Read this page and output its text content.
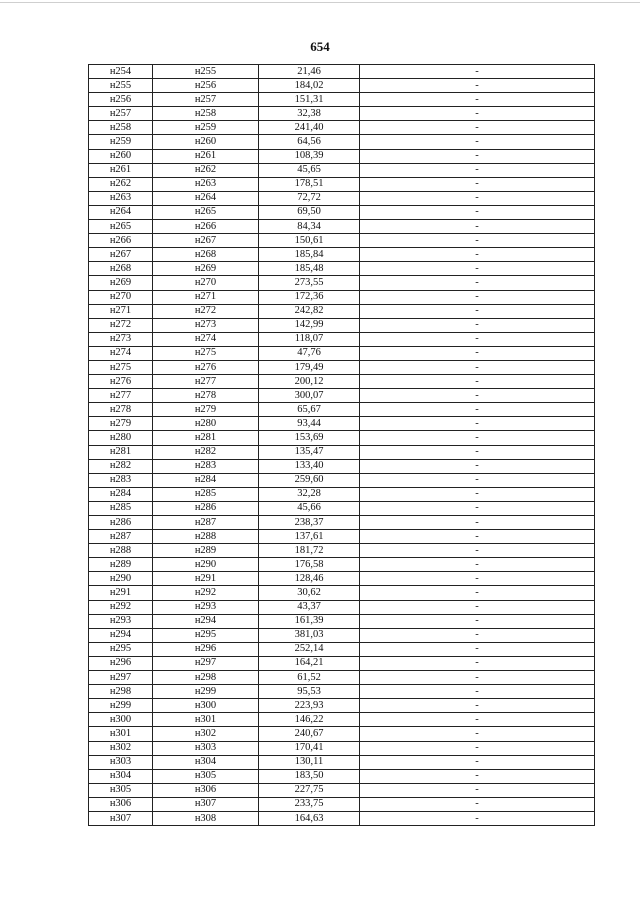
654
н254	н255	21,46	-
н255	н256	184,02	-
н256	н257	151,31	-
н257	н258	32,38	-
н258	н259	241,40	-
н259	н260	64,56	-
н260	н261	108,39	-
н261	н262	45,65	-
н262	н263	178,51	-
н263	н264	72,72	-
н264	н265	69,50	-
н265	н266	84,34	-
н266	н267	150,61	-
н267	н268	185,84	-
н268	н269	185,48	-
н269	н270	273,55	-
н270	н271	172,36	-
н271	н272	242,82	-
н272	н273	142,99	-
н273	н274	118,07	-
н274	н275	47,76	-
н275	н276	179,49	-
н276	н277	200,12	-
н277	н278	300,07	-
н278	н279	65,67	-
н279	н280	93,44	-
н280	н281	153,69	-
н281	н282	135,47	-
н282	н283	133,40	-
н283	н284	259,60	-
н284	н285	32,28	-
н285	н286	45,66	-
н286	н287	238,37	-
н287	н288	137,61	-
н288	н289	181,72	-
н289	н290	176,58	-
н290	н291	128,46	-
н291	н292	30,62	-
н292	н293	43,37	-
н293	н294	161,39	-
н294	н295	381,03	-
н295	н296	252,14	-
н296	н297	164,21	-
н297	н298	61,52	-
н298	н299	95,53	-
н299	н300	223,93	-
н300	н301	146,22	-
н301	н302	240,67	-
н302	н303	170,41	-
н303	н304	130,11	-
н304	н305	183,50	-
н305	н306	227,75	-
н306	н307	233,75	-
н307	н308	164,63	-
